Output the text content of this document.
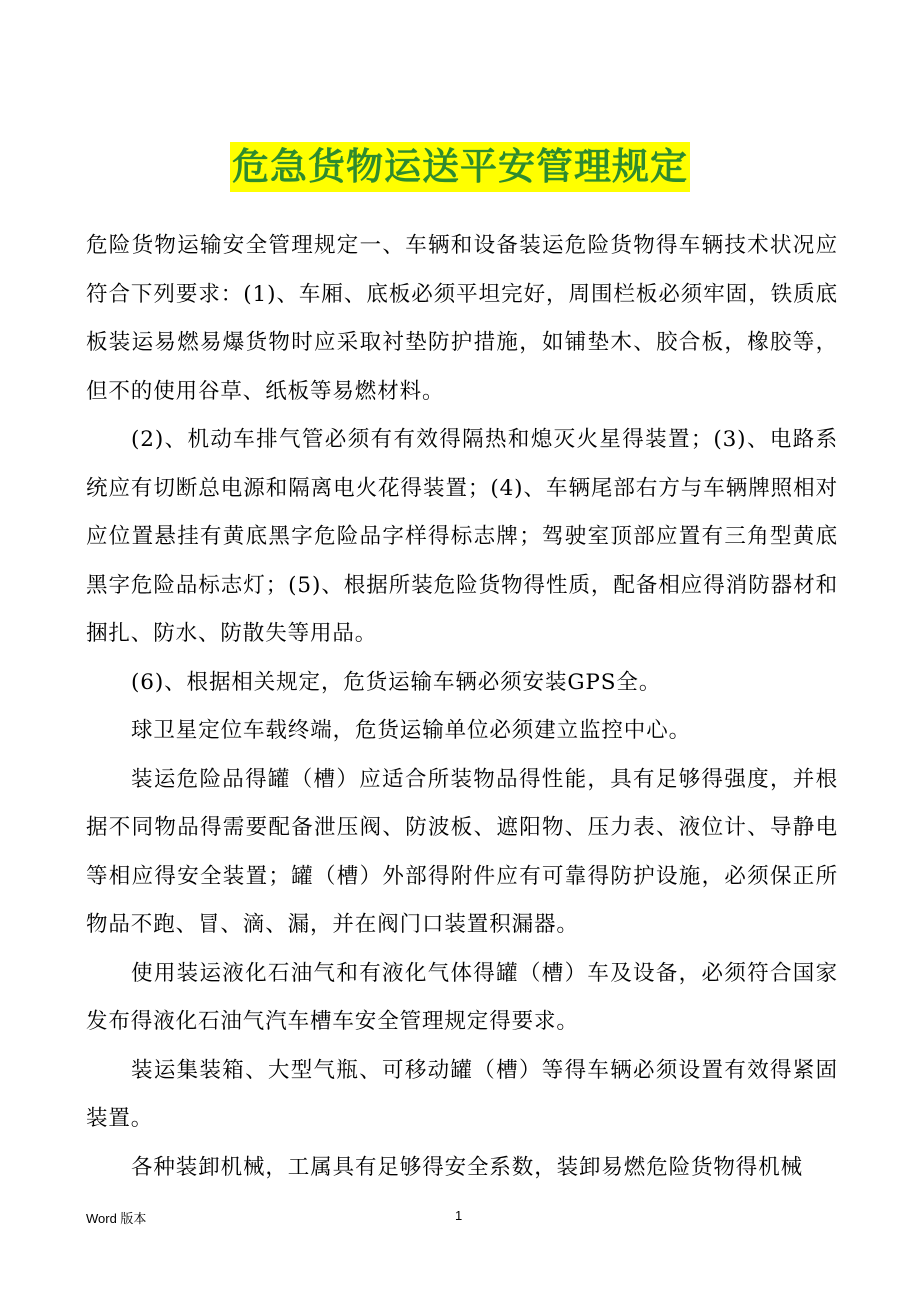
危急货物运送平安管理规定

危险货物运输安全管理规定一、车辆和设备装运危险货物得车辆技术状况应符合下列要求：(1)、车厢、底板必须平坦完好，周围栏板必须牢固，铁质底板装运易燃易爆货物时应采取衬垫防护措施，如铺垫木、胶合板，橡胶等，但不的使用谷草、纸板等易燃材料。

(2)、机动车排气管必须有有效得隔热和熄灭火星得装置；(3)、电路系统应有切断总电源和隔离电火花得装置；(4)、车辆尾部右方与车辆牌照相对应位置悬挂有黄底黑字危险品字样得标志牌；驾驶室顶部应置有三角型黄底黑字危险品标志灯；(5)、根据所装危险货物得性质，配备相应得消防器材和捆扎、防水、防散失等用品。

(6)、根据相关规定，危货运输车辆必须安装GPS全。

球卫星定位车载终端，危货运输单位必须建立监控中心。

装运危险品得罐（槽）应适合所装物品得性能，具有足够得强度，并根据不同物品得需要配备泄压阀、防波板、遮阳物、压力表、液位计、导静电等相应得安全装置；罐（槽）外部得附件应有可靠得防护设施，必须保正所物品不跑、冒、滴、漏，并在阀门口装置积漏器。

使用装运液化石油气和有液化气体得罐（槽）车及设备，必须符合国家发布得液化石油气汽车槽车安全管理规定得要求。

装运集装箱、大型气瓶、可移动罐（槽）等得车辆必须设置有效得紧固装置。

各种装卸机械，工属具有足够得安全系数，装卸易燃危险货物得机械

Word 版本	1
